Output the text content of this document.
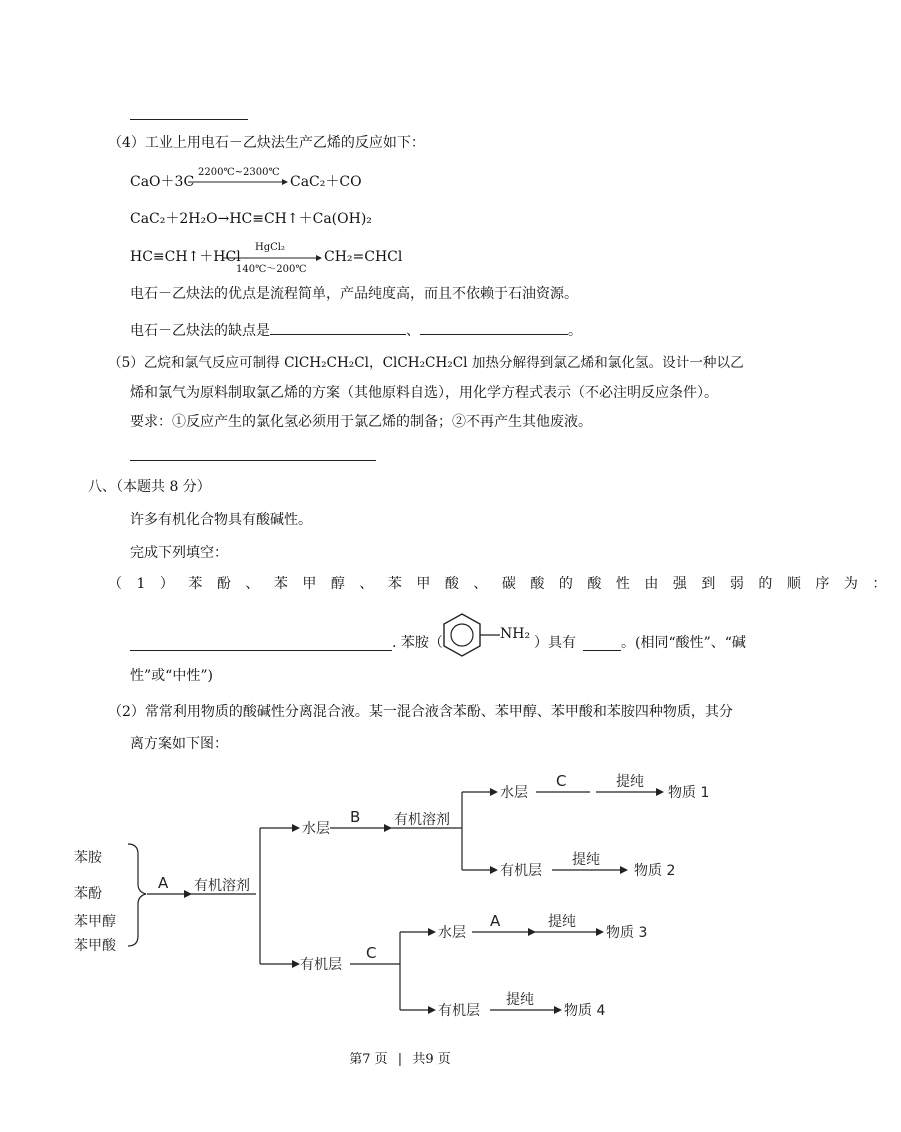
（4）工业上用电石－乙炔法生产乙烯的反应如下：
CaO＋3C
2200℃~2300℃
CaC₂＋CO
CaC₂＋2H₂O→HC≡CH↑＋Ca(OH)₂
HC≡CH↑＋HCl
HgCl₂
140℃～200℃
CH₂=CHCl
电石－乙炔法的优点是流程简单，产品纯度高，而且不依赖于石油资源。
电石－乙炔法的缺点是	、	。
（5）乙烷和氯气反应可制得 ClCH₂CH₂Cl，ClCH₂CH₂Cl 加热分解得到氯乙烯和氯化氢。设计一种以乙
烯和氯气为原料制取氯乙烯的方案（其他原料自选），用化学方程式表示（不必注明反应条件）。
要求：①反应产生的氯化氢必须用于氯乙烯的制备；②不再产生其他废液。
八、（本题共 8 分）
许多有机化合物具有酸碱性。
完成下列填空：
（1）苯酚、苯甲醇、苯甲酸、碳酸的酸性由强到弱的顺序为：
. 苯胺（
NH₂
）具有	。(相同“酸性”、“碱
性”或“中性”)
（2）常常利用物质的酸碱性分离混合液。某一混合液含苯酚、苯甲醇、苯甲酸和苯胺四种物质，其分
离方案如下图：
苯胺
苯酚
苯甲醇
苯甲酸
A 有机溶剂
水层
B 有机溶剂
水层
C	提纯
物质 1
有机层
提纯
物质 2
有机层
C
水层
A	提纯
物质 3
有机层
提纯
物质 4
第7 页 | 共9 页
